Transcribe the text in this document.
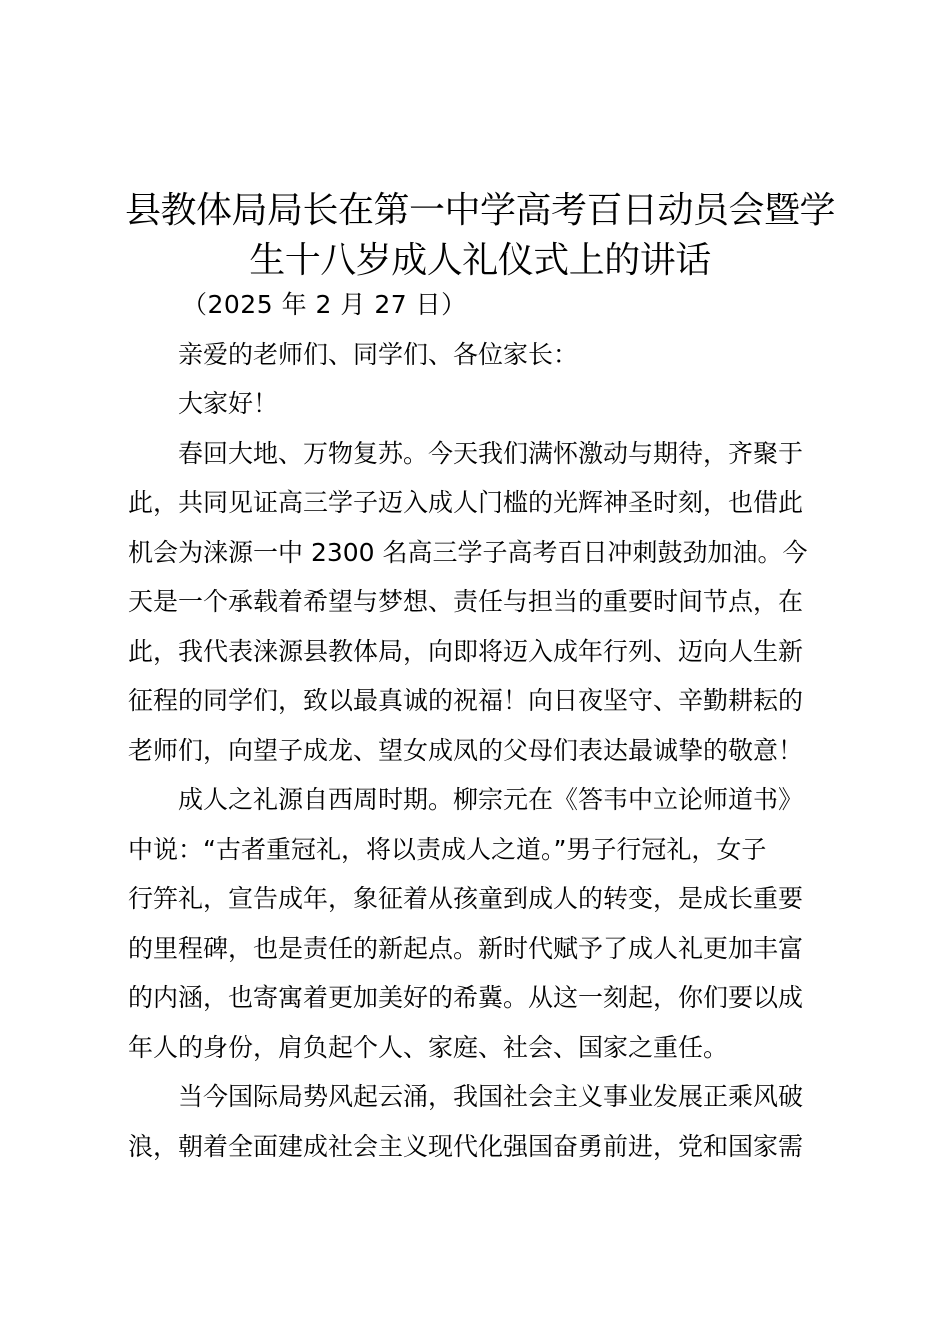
县教体局局长在第一中学高考百日动员会暨学
生十八岁成人礼仪式上的讲话
（2025 年 2 月 27 日）
亲爱的老师们、同学们、各位家长：
大家好！
春回大地、万物复苏。今天我们满怀激动与期待，齐聚于
此，共同见证高三学子迈入成人门槛的光辉神圣时刻，也借此
机会为涞源一中 2300 名高三学子高考百日冲刺鼓劲加油。今
天是一个承载着希望与梦想、责任与担当的重要时间节点，在
此，我代表涞源县教体局，向即将迈入成年行列、迈向人生新
征程的同学们，致以最真诚的祝福！向日夜坚守、辛勤耕耘的
老师们，向望子成龙、望女成凤的父母们表达最诚挚的敬意！
成人之礼源自西周时期。柳宗元在《答韦中立论师道书》
中说：“古者重冠礼，将以责成人之道。”男子行冠礼，女子
行笄礼，宣告成年，象征着从孩童到成人的转变，是成长重要
的里程碑，也是责任的新起点。新时代赋予了成人礼更加丰富
的内涵，也寄寓着更加美好的希冀。从这一刻起，你们要以成
年人的身份，肩负起个人、家庭、社会、国家之重任。
当今国际局势风起云涌，我国社会主义事业发展正乘风破
浪，朝着全面建成社会主义现代化强国奋勇前进，党和国家需
